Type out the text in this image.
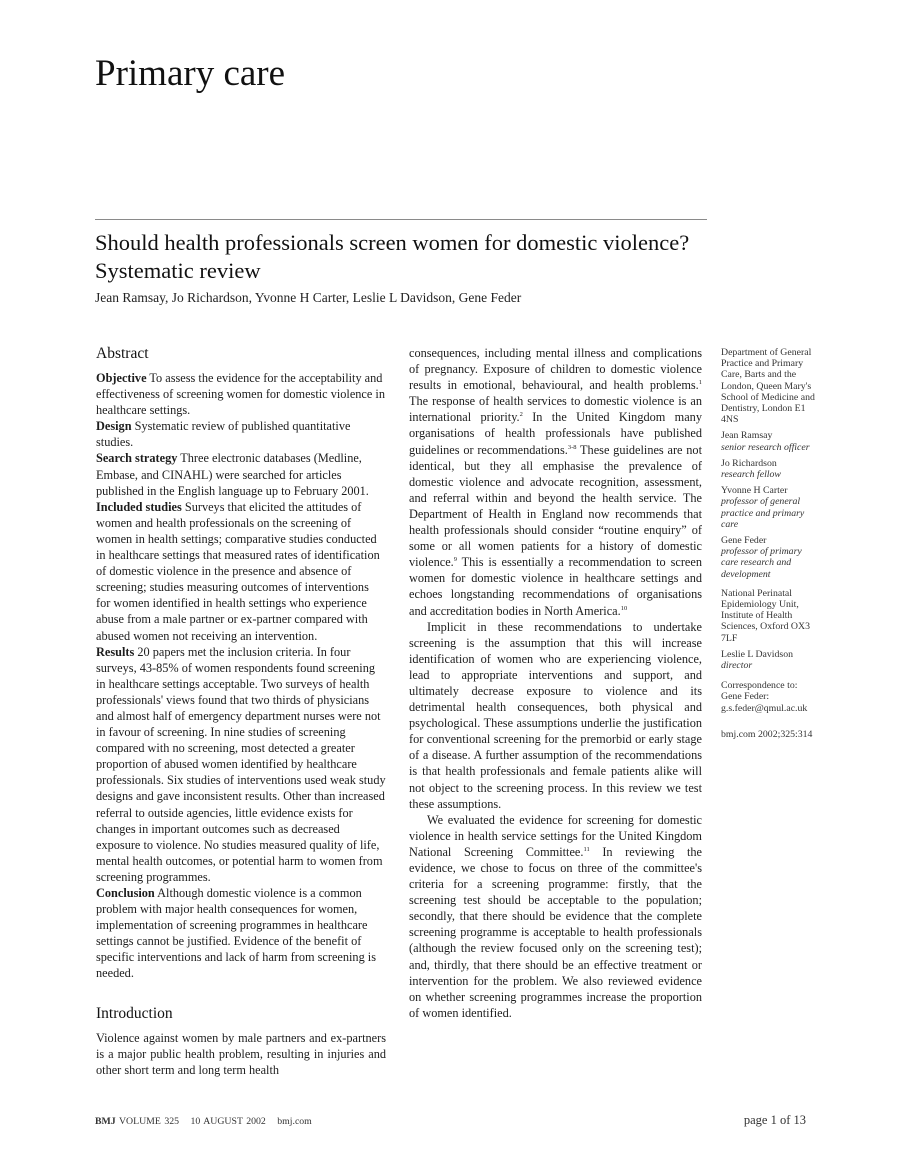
Primary care
Should health professionals screen women for domestic violence? Systematic review
Jean Ramsay, Jo Richardson, Yvonne H Carter, Leslie L Davidson, Gene Feder
Abstract

Objective To assess the evidence for the acceptability and effectiveness of screening women for domestic violence in healthcare settings.

Design Systematic review of published quantitative studies.

Search strategy Three electronic databases (Medline, Embase, and CINAHL) were searched for articles published in the English language up to February 2001.

Included studies Surveys that elicited the attitudes of women and health professionals on the screening of women in health settings; comparative studies conducted in healthcare settings that measured rates of identification of domestic violence in the presence and absence of screening; studies measuring outcomes of interventions for women identified in health settings who experience abuse from a male partner or ex-partner compared with abused women not receiving an intervention.

Results 20 papers met the inclusion criteria. In four surveys, 43-85% of women respondents found screening in healthcare settings acceptable. Two surveys of health professionals' views found that two thirds of physicians and almost half of emergency department nurses were not in favour of screening. In nine studies of screening compared with no screening, most detected a greater proportion of abused women identified by healthcare professionals. Six studies of interventions used weak study designs and gave inconsistent results. Other than increased referral to outside agencies, little evidence exists for changes in important outcomes such as decreased exposure to violence. No studies measured quality of life, mental health outcomes, or potential harm to women from screening programmes.

Conclusion Although domestic violence is a common problem with major health consequences for women, implementation of screening programmes in healthcare settings cannot be justified. Evidence of the benefit of specific interventions and lack of harm from screening is needed.

Introduction

Violence against women by male partners and ex-partners is a major public health problem, resulting in injuries and other short term and long term health

consequences, including mental illness and complications of pregnancy. Exposure of children to domestic violence results in emotional, behavioural, and health problems.$^1$ The response of health services to domestic violence is an international priority.$^2$ In the United Kingdom many organisations of health professionals have published guidelines or recommendations.$^{3-8}$ These guidelines are not identical, but they all emphasise the prevalence of domestic violence and advocate recognition, assessment, and referral within and beyond the health service. The Department of Health in England now recommends that health professionals should consider “routine enquiry” of some or all women patients for a history of domestic violence.$^9$ This is essentially a recommendation to screen women for domestic violence in healthcare settings and echoes longstanding recommendations of organisations and accreditation bodies in North America.$^{10}$

Implicit in these recommendations to undertake screening is the assumption that this will increase identification of women who are experiencing violence, lead to appropriate interventions and support, and ultimately decrease exposure to violence and its detrimental health consequences, both physical and psychological. These assumptions underlie the justification for conventional screening for the premorbid or early stage of a disease. A further assumption of the recommendations is that health professionals and female patients alike will not object to the screening process. In this review we test these assumptions.

We evaluated the evidence for screening for domestic violence in health service settings for the United Kingdom National Screening Committee.$^{11}$ In reviewing the evidence, we chose to focus on three of the committee's criteria for a screening programme: firstly, that the screening test should be acceptable to the population; secondly, that there should be evidence that the complete screening programme is acceptable to health professionals (although the review focused only on the screening test); and, thirdly, that there should be an effective treatment or intervention for the problem. We also reviewed evidence on whether screening programmes increase the proportion of women identified.

Department of General Practice and Primary Care, Barts and the London, Queen Mary's School of Medicine and Dentistry, London E1 4NS
Jean Ramsay
senior research officer
Jo Richardson
research fellow
Yvonne H Carter
professor of general practice and primary care
Gene Feder
professor of primary care research and development
National Perinatal Epidemiology Unit, Institute of Health Sciences, Oxford OX3 7LF
Leslie L Davidson
director
Correspondence to:
Gene Feder:
g.s.feder@qmul.ac.uk
bmj.com 2002;325:314
BMJ VOLUME 325 10 AUGUST 2002 bmj.com	page 1 of 13
